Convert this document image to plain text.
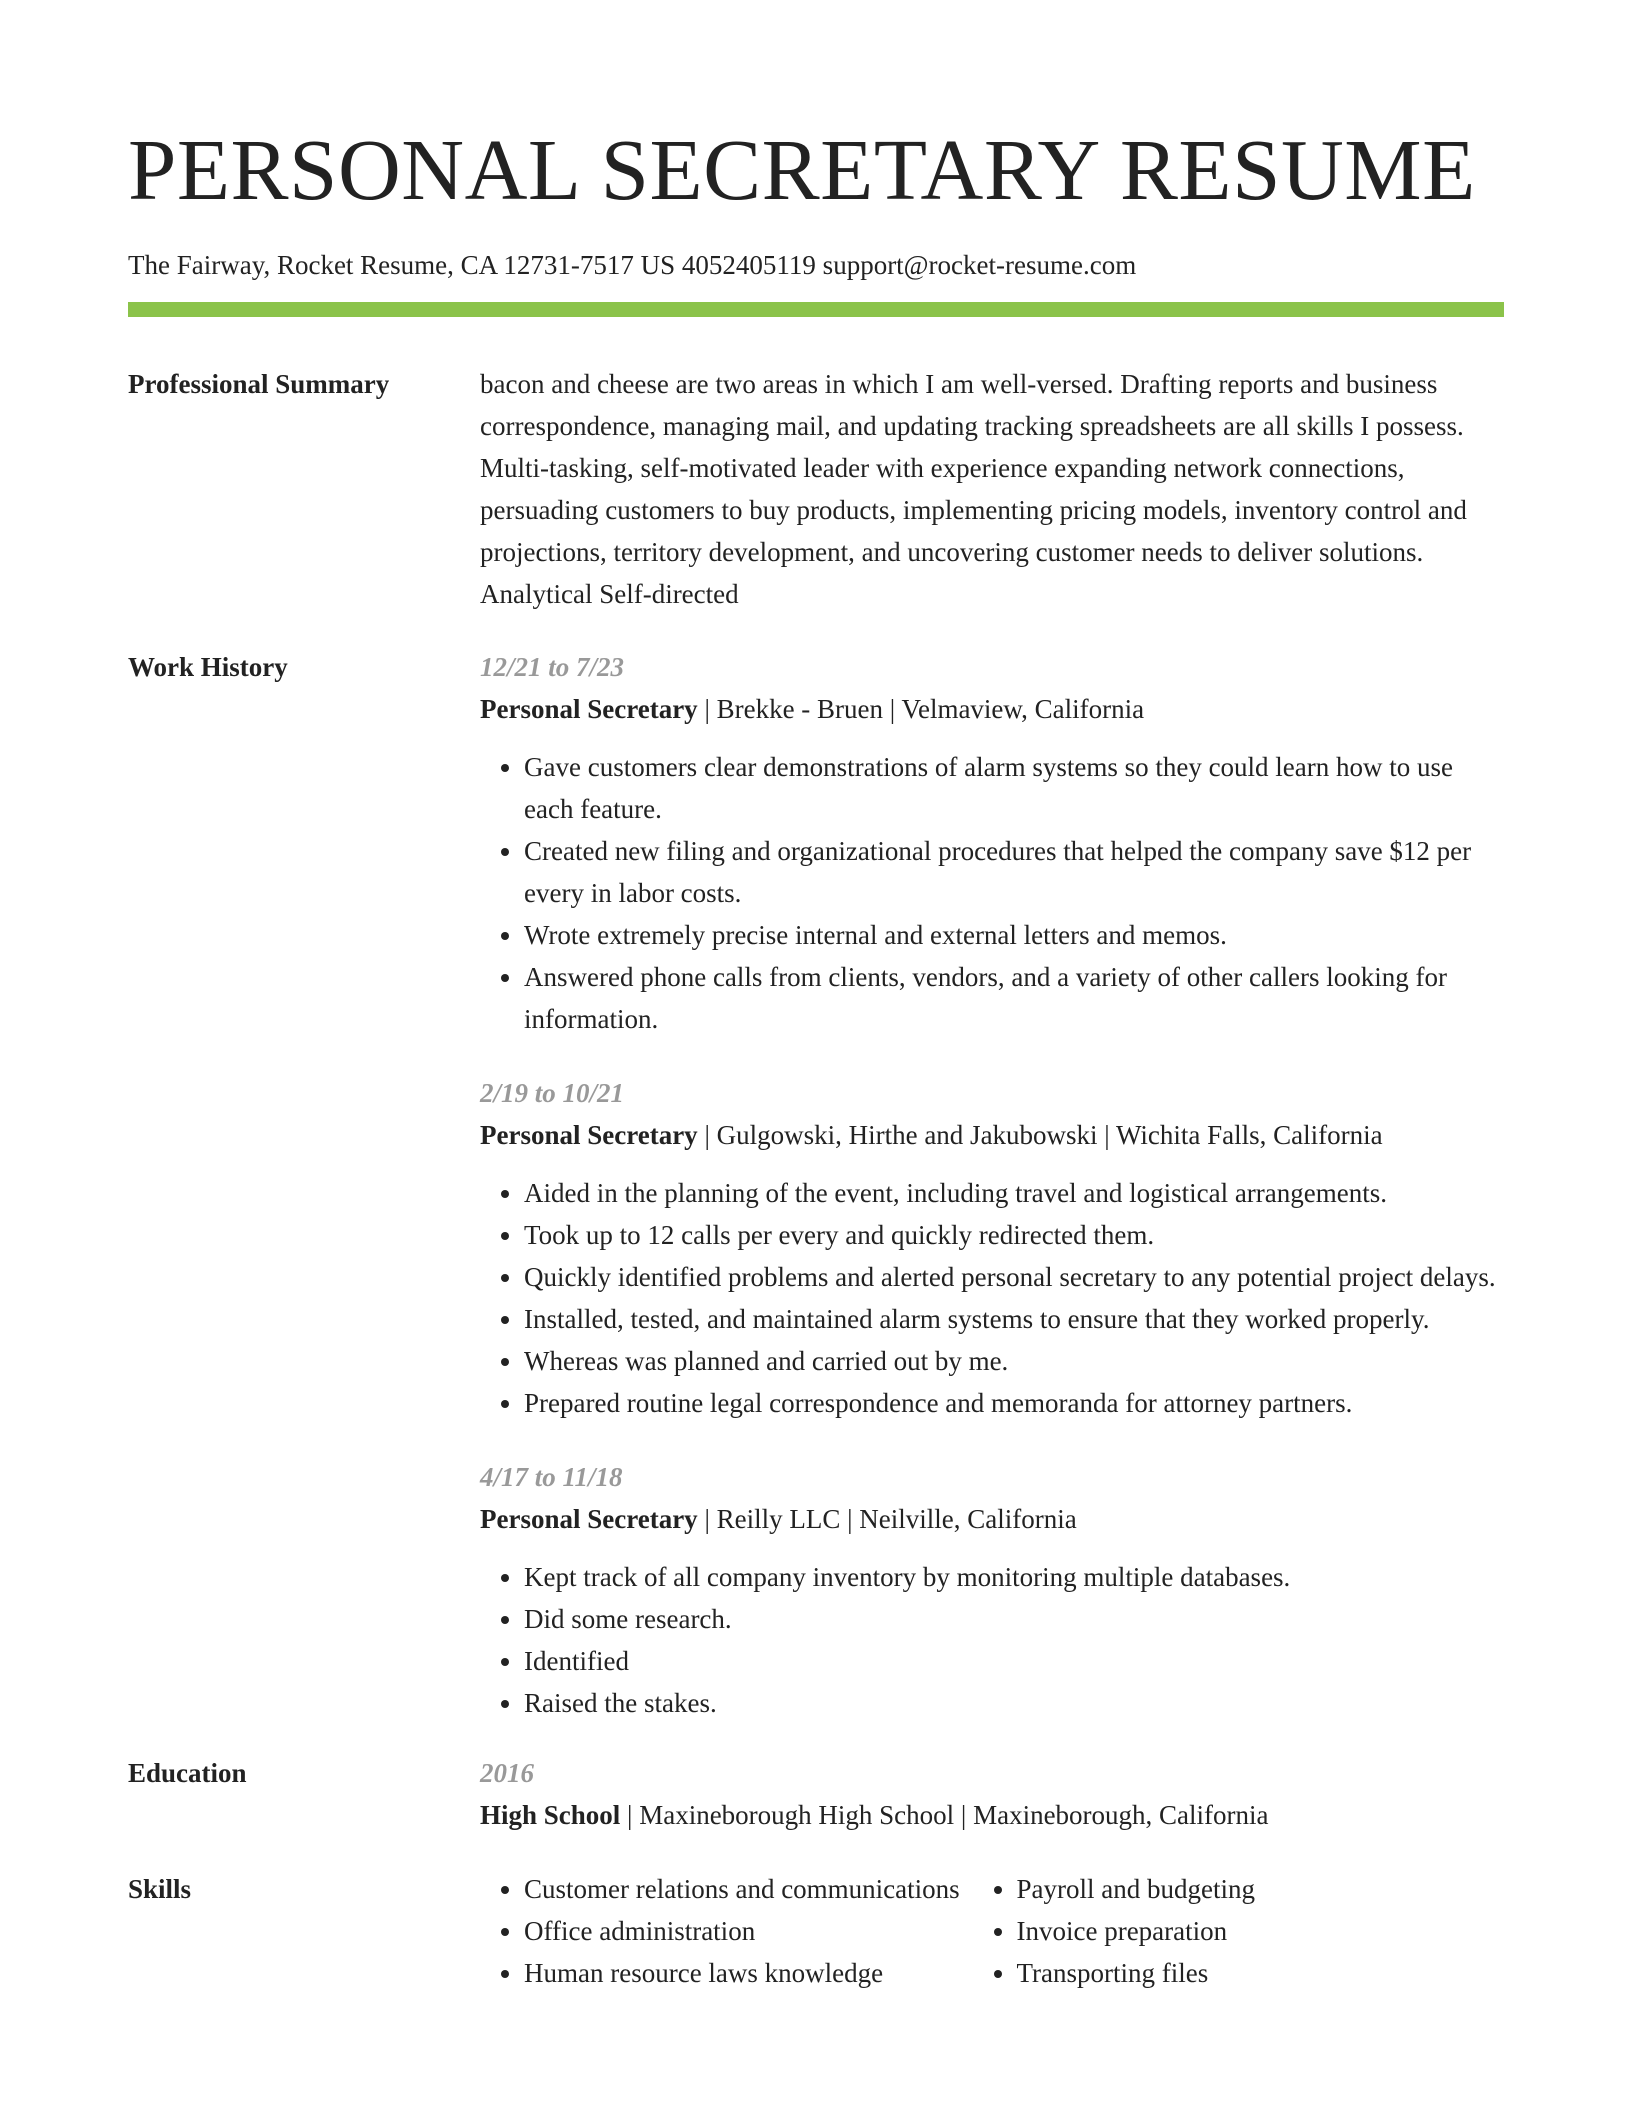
PERSONAL SECRETARY RESUME
The Fairway, Rocket Resume, CA 12731-7517 US 4052405119 support@rocket-resume.com
Professional Summary	bacon and cheese are two areas in which I am well-versed. Drafting reports and business correspondence, managing mail, and updating tracking spreadsheets are all skills I possess. Multi-tasking, self-motivated leader with experience expanding network connections, persuading customers to buy products, implementing pricing models, inventory control and projections, territory development, and uncovering customer needs to deliver solutions. Analytical Self-directed

Work History	12/21 to 7/23
Personal Secretary | Brekke - Bruen | Velmaview, California
• Gave customers clear demonstrations of alarm systems so they could learn how to use each feature.
• Created new filing and organizational procedures that helped the company save $12 per every in labor costs.
• Wrote extremely precise internal and external letters and memos.
• Answered phone calls from clients, vendors, and a variety of other callers looking for information.
2/19 to 10/21
Personal Secretary | Gulgowski, Hirthe and Jakubowski | Wichita Falls, California
• Aided in the planning of the event, including travel and logistical arrangements.
• Took up to 12 calls per every and quickly redirected them.
• Quickly identified problems and alerted personal secretary to any potential project delays.
• Installed, tested, and maintained alarm systems to ensure that they worked properly.
• Whereas was planned and carried out by me.
• Prepared routine legal correspondence and memoranda for attorney partners.
4/17 to 11/18
Personal Secretary | Reilly LLC | Neilville, California
• Kept track of all company inventory by monitoring multiple databases.
• Did some research.
• Identified
• Raised the stakes.
Education	2016
High School | Maxineborough High School | Maxineborough, California
Skills
•	Customer relations and communications
• Office administration
• Human resource laws knowledge
• Payroll and budgeting
• Invoice preparation
• Transporting files
